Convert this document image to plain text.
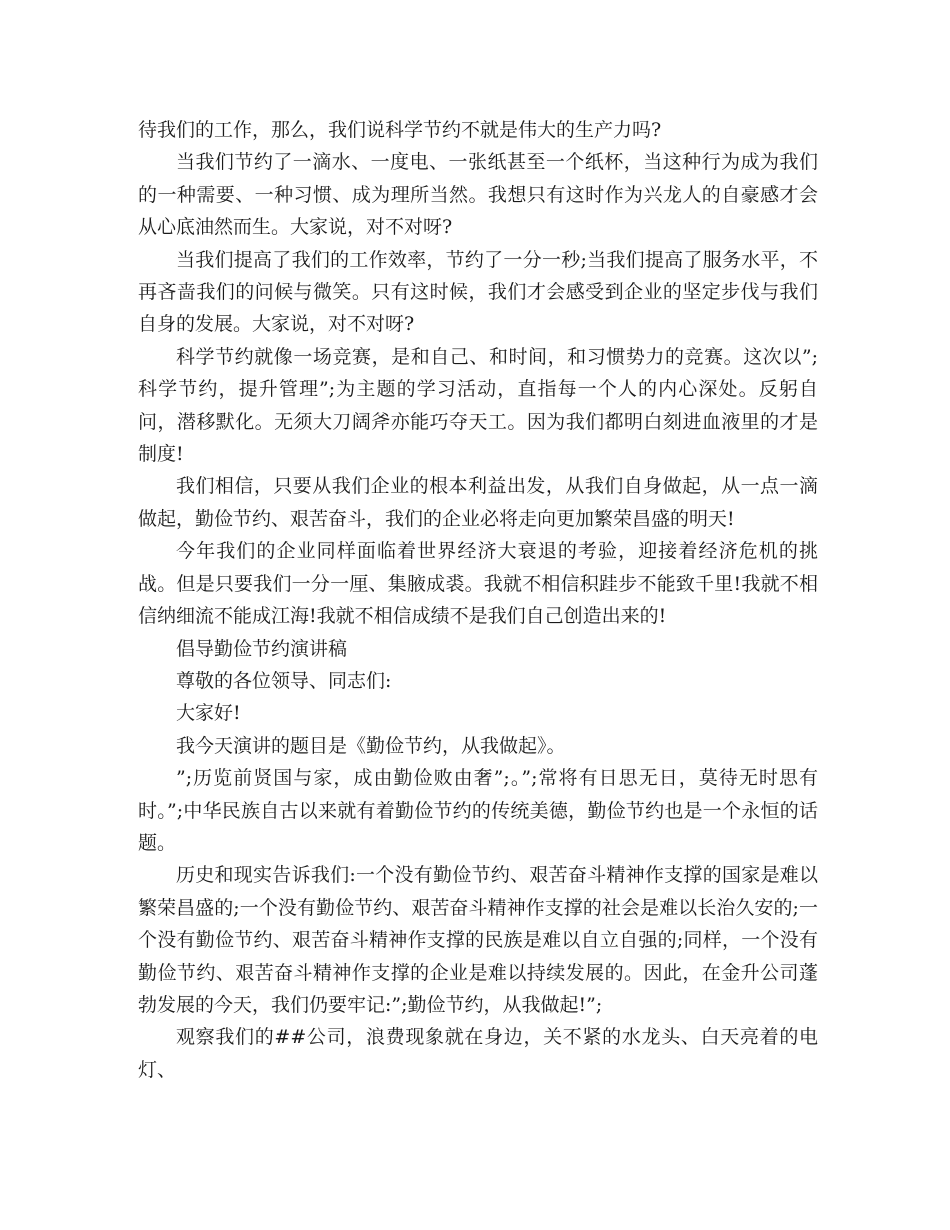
待我们的工作，那么，我们说科学节约不就是伟大的生产力吗?

当我们节约了一滴水、一度电、一张纸甚至一个纸杯，当这种行为成为我们的一种需要、一种习惯、成为理所当然。我想只有这时作为兴龙人的自豪感才会从心底油然而生。大家说，对不对呀?

当我们提高了我们的工作效率，节约了一分一秒;当我们提高了服务水平，不再吝啬我们的问候与微笑。只有这时候，我们才会感受到企业的坚定步伐与我们自身的发展。大家说，对不对呀?

科学节约就像一场竞赛，是和自己、和时间，和习惯势力的竞赛。这次以”;科学节约，提升管理”;为主题的学习活动，直指每一个人的内心深处。反躬自问，潜移默化。无须大刀阔斧亦能巧夺天工。因为我们都明白刻进血液里的才是制度!

我们相信，只要从我们企业的根本利益出发，从我们自身做起，从一点一滴做起，勤俭节约、艰苦奋斗，我们的企业必将走向更加繁荣昌盛的明天!

今年我们的企业同样面临着世界经济大衰退的考验，迎接着经济危机的挑战。但是只要我们一分一厘、集腋成裘。我就不相信积跬步不能致千里!我就不相信纳细流不能成江海!我就不相信成绩不是我们自己创造出来的!

倡导勤俭节约演讲稿

尊敬的各位领导、同志们:

大家好!

我今天演讲的题目是《勤俭节约，从我做起》。

”;历览前贤国与家，成由勤俭败由奢”;。”;常将有日思无日，莫待无时思有时。”;中华民族自古以来就有着勤俭节约的传统美德，勤俭节约也是一个永恒的话题。

历史和现实告诉我们:一个没有勤俭节约、艰苦奋斗精神作支撑的国家是难以繁荣昌盛的;一个没有勤俭节约、艰苦奋斗精神作支撑的社会是难以长治久安的;一个没有勤俭节约、艰苦奋斗精神作支撑的民族是难以自立自强的;同样，一个没有勤俭节约、艰苦奋斗精神作支撑的企业是难以持续发展的。因此，在金升公司蓬勃发展的今天，我们仍要牢记:”;勤俭节约，从我做起!”;

观察我们的##公司，浪费现象就在身边，关不紧的水龙头、白天亮着的电灯、
